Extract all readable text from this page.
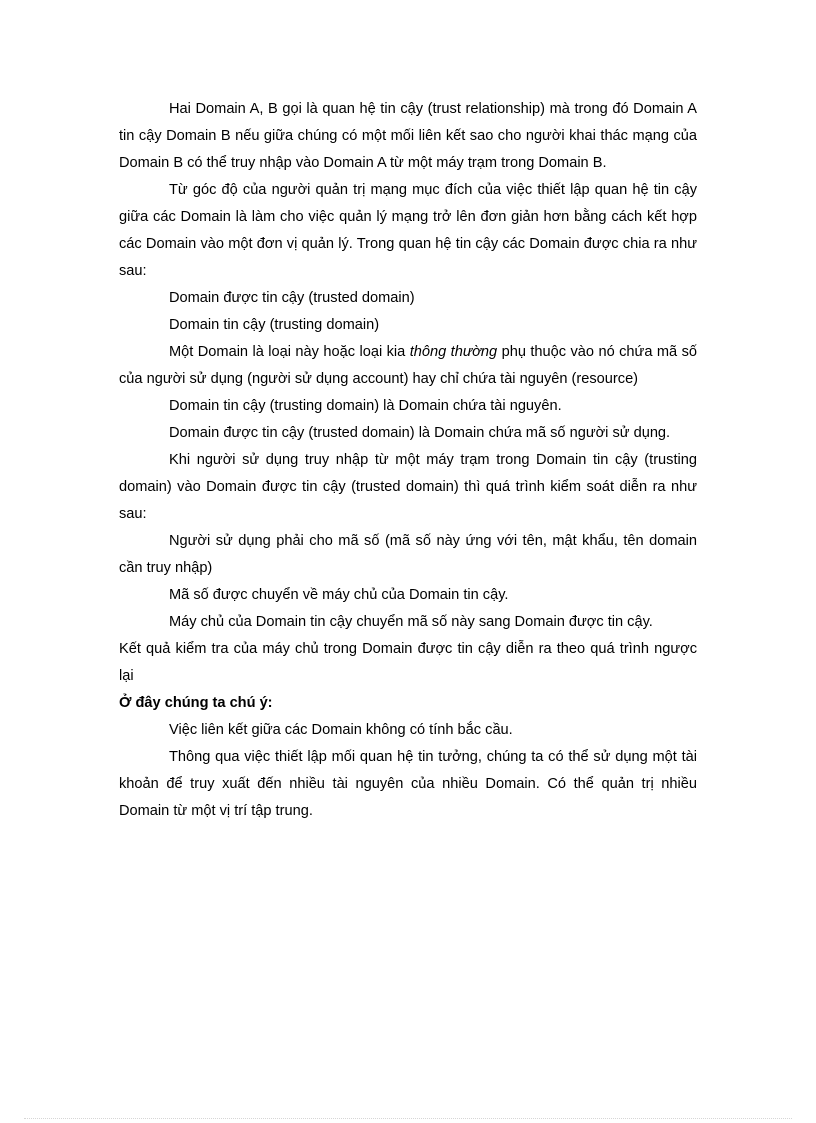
Hai Domain A, B gọi là quan hệ tin cậy (trust relationship) mà trong đó Domain A tin cậy Domain B nếu giữa chúng có một mối liên kết sao cho người khai thác mạng của Domain B có thể truy nhập vào Domain A từ một máy trạm trong Domain B.

Từ góc độ của người quản trị mạng mục đích của việc thiết lập quan hệ tin cậy giữa các Domain là làm cho việc quản lý mạng trở lên đơn giản hơn bằng cách kết hợp các Domain vào một đơn vị quản lý. Trong quan hệ tin cậy các Domain được chia ra như sau:

Domain được tin cậy (trusted domain)

Domain tin cậy (trusting domain)

Một Domain là loại này hoặc loại kia thông thường phụ thuộc vào nó chứa mã số của người sử dụng (người sử dụng account) hay chỉ chứa tài nguyên (resource)

Domain tin cậy (trusting domain) là Domain chứa tài nguyên.

Domain được tin cậy (trusted domain) là Domain chứa mã số người sử dụng.

Khi người sử dụng truy nhập từ một máy trạm trong Domain tin cậy (trusting domain) vào Domain được tin cậy (trusted domain) thì quá trình kiểm soát diễn ra như sau:

Người sử dụng phải cho mã số (mã số này ứng với tên, mật khẩu, tên domain cần truy nhập)

Mã số được chuyển về máy chủ của Domain tin cậy.

Máy chủ của Domain tin cậy chuyển mã số này sang Domain được tin cậy.

Kết quả kiểm tra của máy chủ trong Domain được tin cậy diễn ra theo quá trình ngược lại

Ở đây chúng ta chú ý:

Việc liên kết giữa các Domain không có tính bắc cầu.

Thông qua việc thiết lập mối quan hệ tin tưởng, chúng ta có thể sử dụng một tài khoản để truy xuất đến nhiều tài nguyên của nhiều Domain. Có thể quản trị nhiều Domain từ một vị trí tập trung.
